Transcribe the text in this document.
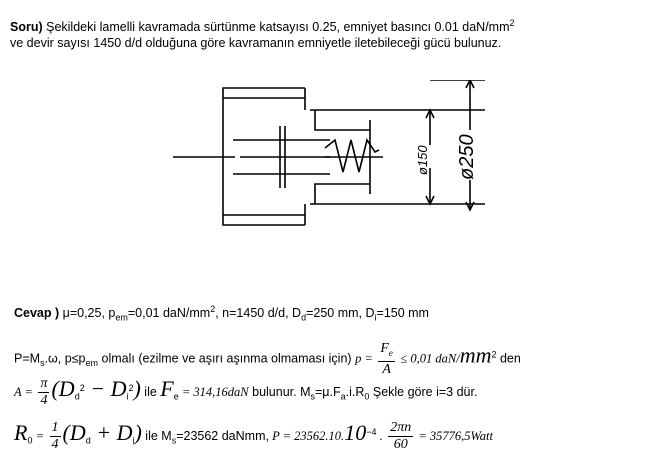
Soru) Şekildeki lamelli kavramada sürtünme katsayısı 0.25, emniyet basıncı 0.01 daN/$mm^2$
ve devir sayısı 1450 d/d olduğuna göre kavramanın emniyetle iletebileceği gücü bulunuz.
ø150 ø250
Cevap ) μ=0,25, $p_{em}=0,01$ daN/$mm^2$, n=1450 d/d, $D_d=250$ mm, $D_i=150$ mm
$P=M_s.\omega$, $p\le p_{em}$ olmalı (ezilme ve aşırı aşınma olmaması için) $p = \frac{F_e}{A} \le 0,01$ daN/$mm^2$ den
$A = \frac{\pi}{4} (D_d^2 - D_i^2)$ ile $F_e = 314,16daN$ bulunur. $M_s=\mu.F_a.i.R_0$ Şekle göre i=3 dür.
$R_0 = \frac{1}{4} (D_d + D_i)$ ile $M_s=23562$ daNmm, $P = 23562.10.10^{-4}$ . $\frac{2\pi n}{60}$ = 35776,5Watt
